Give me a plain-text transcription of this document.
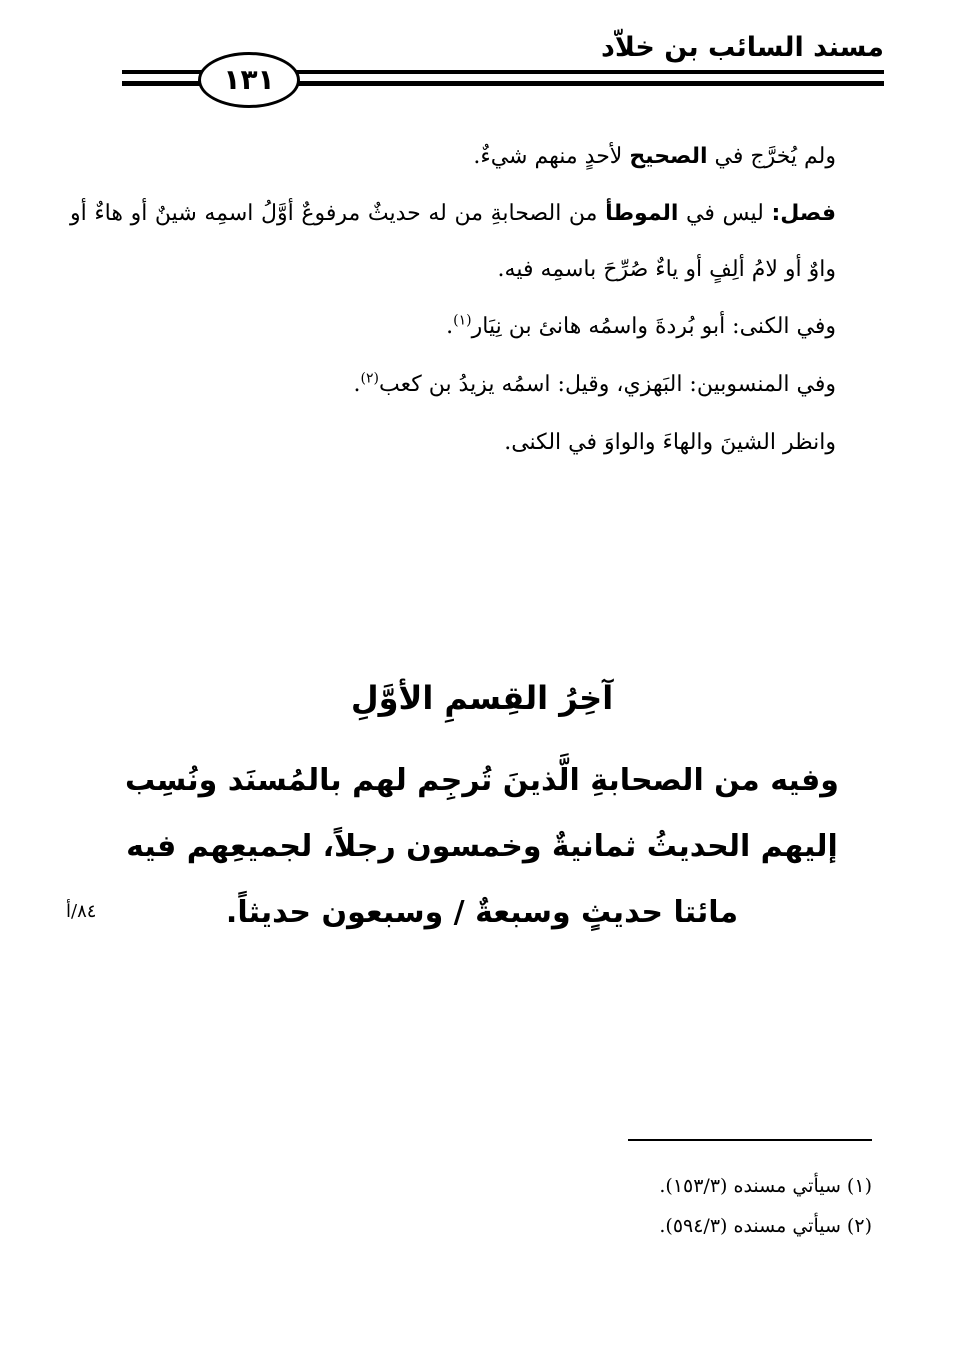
مسند السائب بن خلاّد
١٣١

ولم يُخرَّج في الصحيح لأحدٍ منهم شيءٌ.

فصل: ليس في الموطأ من الصحابةِ من له حديثٌ مرفوعٌ أوَّلُ اسمِه شينٌ أو هاءٌ أو واوٌ أو لامُ ألِفٍ أو ياءٌ صُرِّحَ باسمِه فيه.

وفي الكنى: أبو بُردةَ واسمُه هانئ بن نِيَار$^{(١)}$.

وفي المنسوبين: البَهزي، وقيل: اسمُه يزيدُ بن كعب$^{(٢)}$.

وانظر الشينَ والهاءَ والواوَ في الكنى.

آخِرُ القِسمِ الأوَّلِ

وفيه من الصحابةِ الَّذينَ تُرجِم لهم بالمُسنَد ونُسِب إليهم الحديثُ ثمانيةٌ وخمسون رجلاً، لجميعِهم فيه مائتا حديثٍ وسبعةٌ / وسبعون حديثاً.

٨٤/أ

(١) سيأتي مسنده (١٥٣/٣).

(٢) سيأتي مسنده (٥٩٤/٣).
